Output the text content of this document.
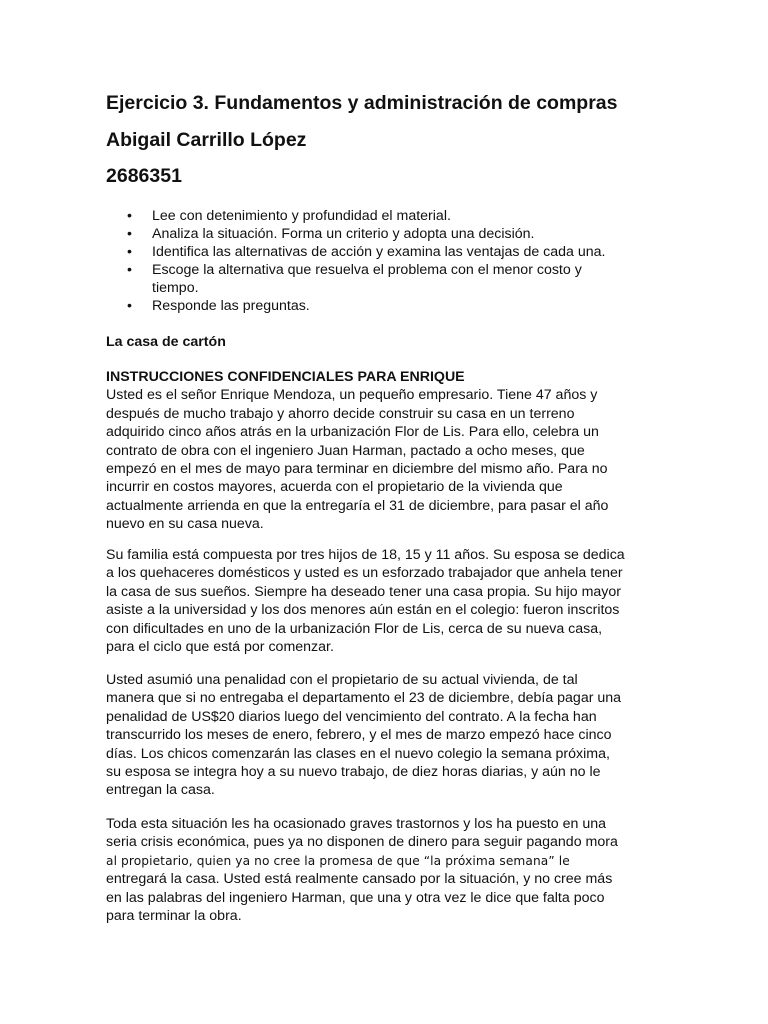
Ejercicio 3. Fundamentos y administración de compras
Abigail Carrillo López
2686351
• Lee con detenimiento y profundidad el material.
• Analiza la situación. Forma un criterio y adopta una decisión.
• Identifica las alternativas de acción y examina las ventajas de cada una.
• Escoge la alternativa que resuelva el problema con el menor costo y
tiempo.
• Responde las preguntas.
La casa de cartón
INSTRUCCIONES CONFIDENCIALES PARA ENRIQUE
Usted es el señor Enrique Mendoza, un pequeño empresario. Tiene 47 años y
después de mucho trabajo y ahorro decide construir su casa en un terreno
adquirido cinco años atrás en la urbanización Flor de Lis. Para ello, celebra un
contrato de obra con el ingeniero Juan Harman, pactado a ocho meses, que
empezó en el mes de mayo para terminar en diciembre del mismo año. Para no
incurrir en costos mayores, acuerda con el propietario de la vivienda que
actualmente arrienda en que la entregaría el 31 de diciembre, para pasar el año
nuevo en su casa nueva.
Su familia está compuesta por tres hijos de 18, 15 y 11 años. Su esposa se dedica
a los quehaceres domésticos y usted es un esforzado trabajador que anhela tener
la casa de sus sueños. Siempre ha deseado tener una casa propia. Su hijo mayor
asiste a la universidad y los dos menores aún están en el colegio: fueron inscritos
con dificultades en uno de la urbanización Flor de Lis, cerca de su nueva casa,
para el ciclo que está por comenzar.
Usted asumió una penalidad con el propietario de su actual vivienda, de tal
manera que si no entregaba el departamento el 23 de diciembre, debía pagar una
penalidad de US$20 diarios luego del vencimiento del contrato. A la fecha han
transcurrido los meses de enero, febrero, y el mes de marzo empezó hace cinco
días. Los chicos comenzarán las clases en el nuevo colegio la semana próxima,
su esposa se integra hoy a su nuevo trabajo, de diez horas diarias, y aún no le
entregan la casa.
Toda esta situación les ha ocasionado graves trastornos y los ha puesto en una
seria crisis económica, pues ya no disponen de dinero para seguir pagando mora
al propietario, quien ya no cree la promesa de que “la próxima semana” le
entregará la casa. Usted está realmente cansado por la situación, y no cree más
en las palabras del ingeniero Harman, que una y otra vez le dice que falta poco
para terminar la obra.
